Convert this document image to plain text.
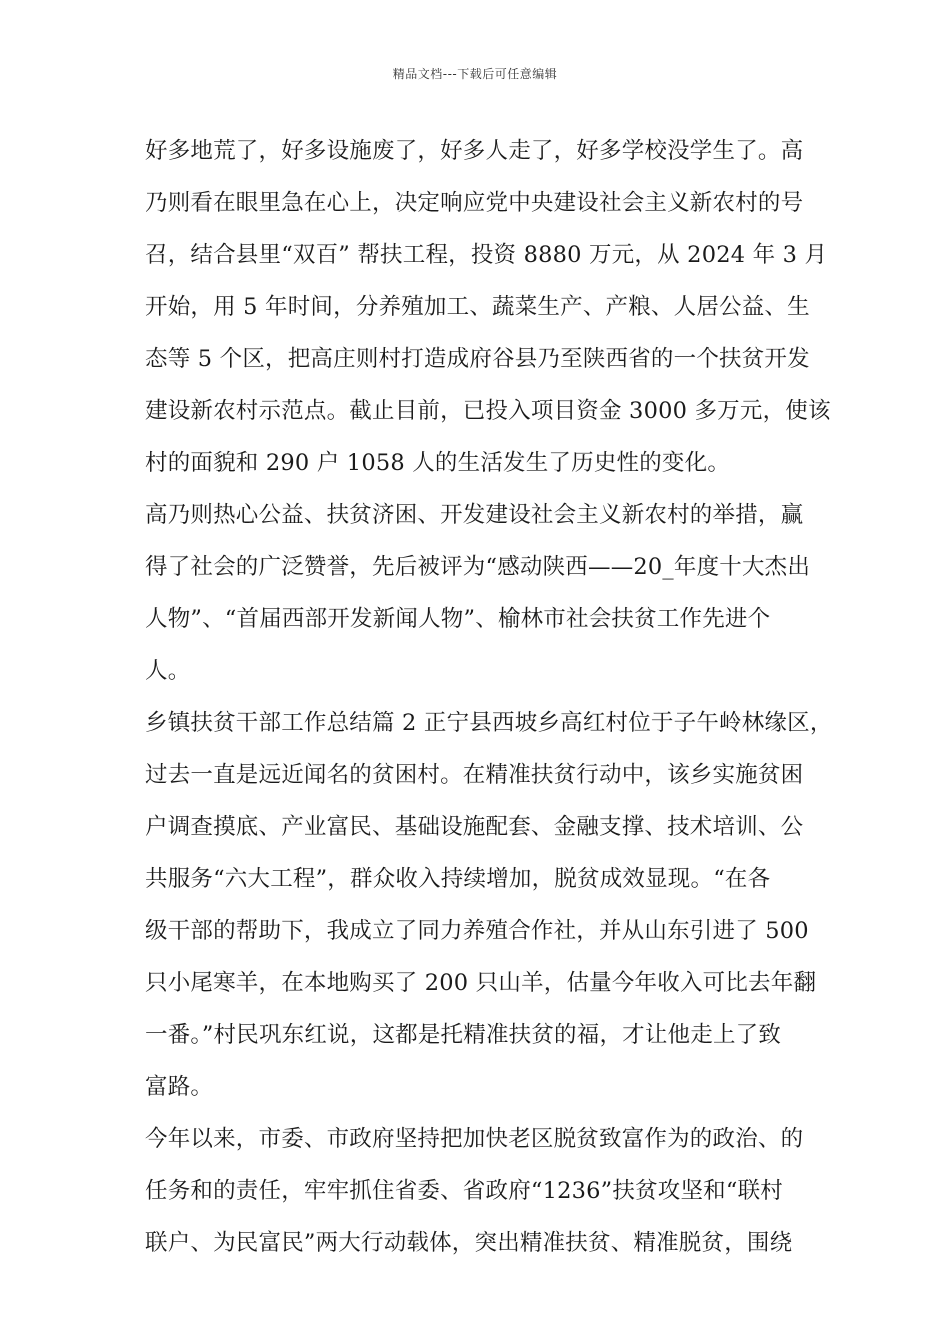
精品文档---下载后可任意编辑
好多地荒了，好多设施废了，好多人走了，好多学校没学生了。高
乃则看在眼里急在心上，决定响应党中央建设社会主义新农村的号
召，结合县里“双百” 帮扶工程，投资 8880 万元，从 2024 年 3 月
开始，用 5 年时间，分养殖加工、蔬菜生产、产粮、人居公益、生
态等 5 个区，把高庄则村打造成府谷县乃至陕西省的一个扶贫开发
建设新农村示范点。截止目前，已投入项目资金 3000 多万元，使该
村的面貌和 290 户 1058 人的生活发生了历史性的变化。
高乃则热心公益、扶贫济困、开发建设社会主义新农村的举措，赢
得了社会的广泛赞誉，先后被评为“感动陕西——20_年度十大杰出
人物”、“首届西部开发新闻人物”、榆林市社会扶贫工作先进个
人。
乡镇扶贫干部工作总结篇 2 正宁县西坡乡高红村位于子午岭林缘区，
过去一直是远近闻名的贫困村。在精准扶贫行动中，该乡实施贫困
户调查摸底、产业富民、基础设施配套、金融支撑、技术培训、公
共服务“六大工程”，群众收入持续增加，脱贫成效显现。“在各
级干部的帮助下，我成立了同力养殖合作社，并从山东引进了 500
只小尾寒羊，在本地购买了 200 只山羊，估量今年收入可比去年翻
一番。”村民巩东红说，这都是托精准扶贫的福，才让他走上了致
富路。
今年以来，市委、市政府坚持把加快老区脱贫致富作为的政治、的
任务和的责任，牢牢抓住省委、省政府“1236”扶贫攻坚和“联村
联户、为民富民”两大行动载体，突出精准扶贫、精准脱贫，围绕
